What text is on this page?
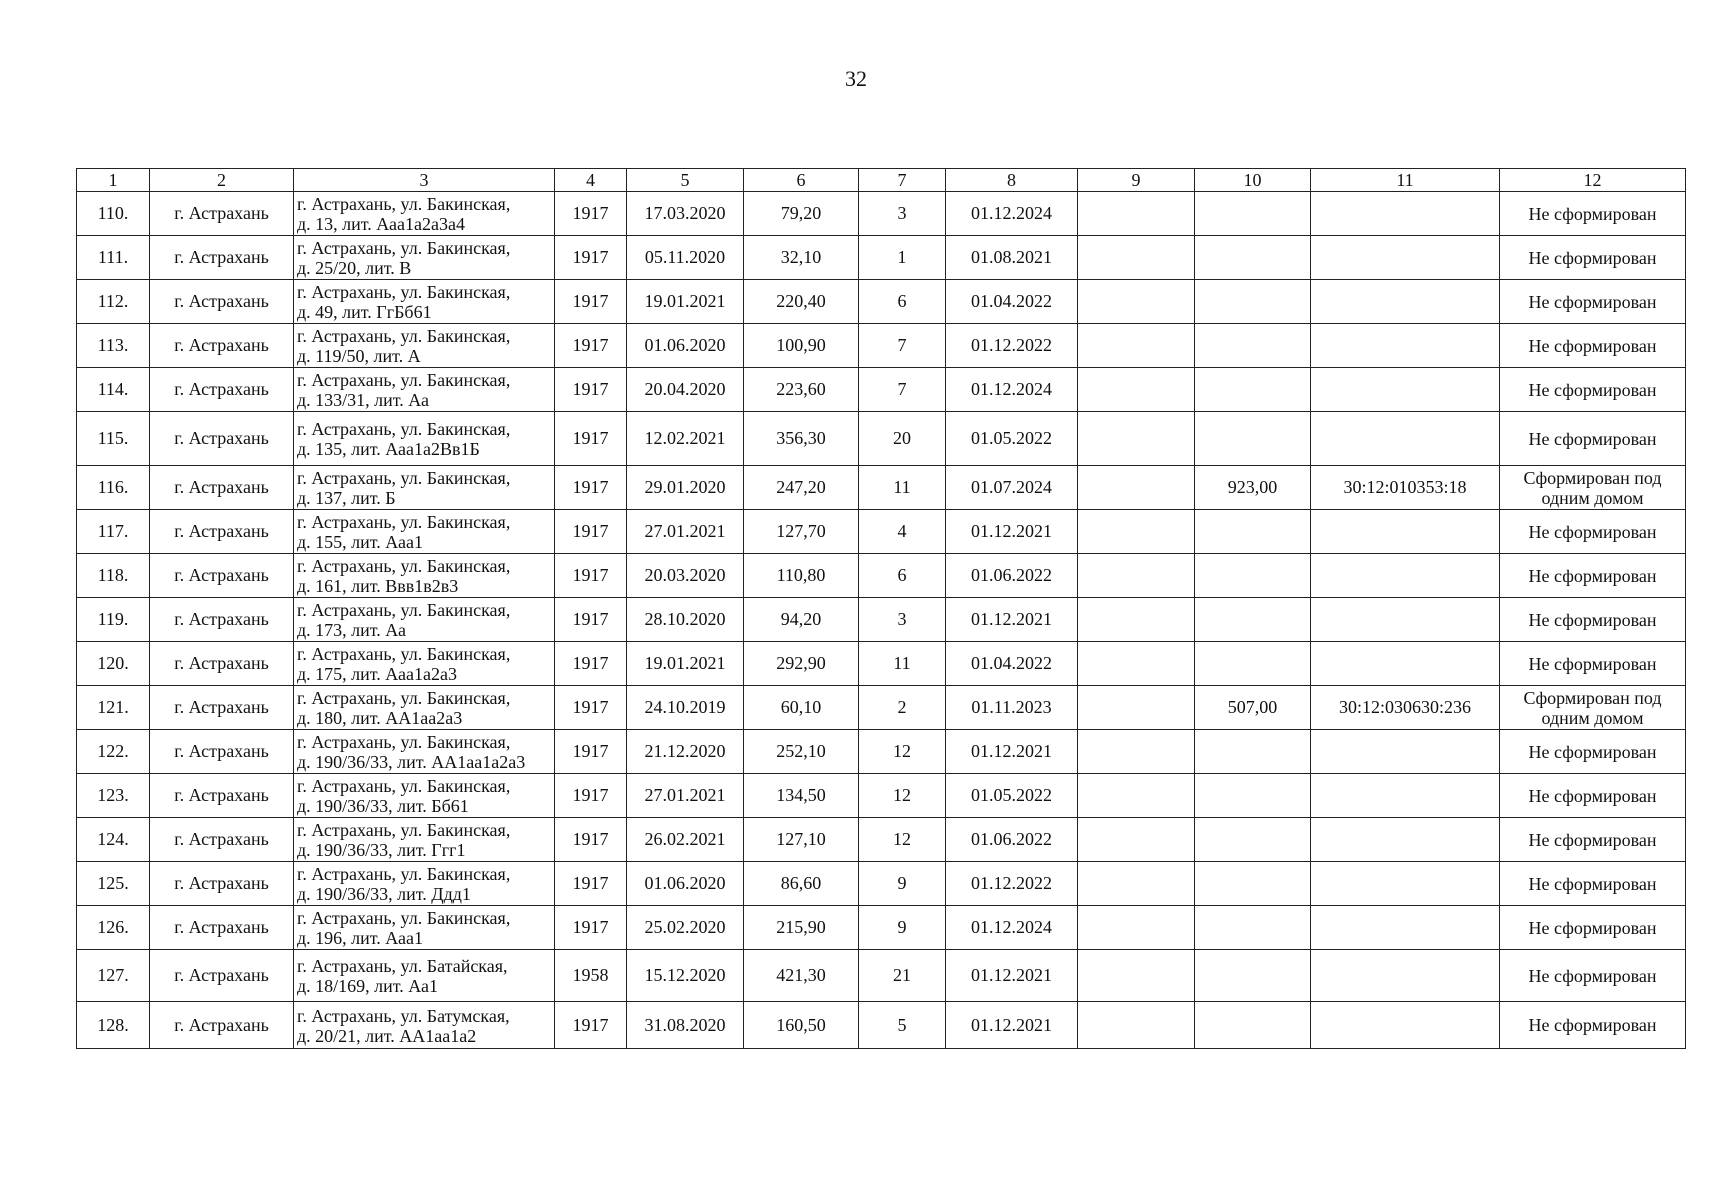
32
1	2	3	4	5	6	7	8	9	10	11	12
110.	г. Астрахань	г. Астрахань, ул. Бакинская,
д. 13, лит. Ааа1а2а3а4	1917	17.03.2020	79,20	3	01.12.2024				Не сформирован
111.	г. Астрахань	г. Астрахань, ул. Бакинская,
д. 25/20, лит. В	1917	05.11.2020	32,10	1	01.08.2021				Не сформирован
112.	г. Астрахань	г. Астрахань, ул. Бакинская,
д. 49, лит. ГгБб61	1917	19.01.2021	220,40	6	01.04.2022				Не сформирован
113.	г. Астрахань	г. Астрахань, ул. Бакинская,
д. 119/50, лит. А	1917	01.06.2020	100,90	7	01.12.2022				Не сформирован
114.	г. Астрахань	г. Астрахань, ул. Бакинская,
д. 133/31, лит. Аа	1917	20.04.2020	223,60	7	01.12.2024				Не сформирован
115.	г. Астрахань	г. Астрахань, ул. Бакинская,
д. 135, лит. Ааа1а2Вв1Б	1917	12.02.2021	356,30	20	01.05.2022				Не сформирован
116.	г. Астрахань	г. Астрахань, ул. Бакинская,
д. 137, лит. Б	1917	29.01.2020	247,20	11	01.07.2024		923,00	30:12:010353:18	Сформирован под одним домом
117.	г. Астрахань	г. Астрахань, ул. Бакинская,
д. 155, лит. Ааа1	1917	27.01.2021	127,70	4	01.12.2021				Не сформирован
118.	г. Астрахань	г. Астрахань, ул. Бакинская,
д. 161, лит. Ввв1в2в3	1917	20.03.2020	110,80	6	01.06.2022				Не сформирован
119.	г. Астрахань	г. Астрахань, ул. Бакинская,
д. 173, лит. Аа	1917	28.10.2020	94,20	3	01.12.2021				Не сформирован
120.	г. Астрахань	г. Астрахань, ул. Бакинская,
д. 175, лит. Ааа1а2а3	1917	19.01.2021	292,90	11	01.04.2022				Не сформирован
121.	г. Астрахань	г. Астрахань, ул. Бакинская,
д. 180, лит. АА1аа2а3	1917	24.10.2019	60,10	2	01.11.2023		507,00	30:12:030630:236	Сформирован под одним домом
122.	г. Астрахань	г. Астрахань, ул. Бакинская,
д. 190/36/33, лит. АА1аа1а2а3	1917	21.12.2020	252,10	12	01.12.2021				Не сформирован
123.	г. Астрахань	г. Астрахань, ул. Бакинская,
д. 190/36/33, лит. Бб61	1917	27.01.2021	134,50	12	01.05.2022				Не сформирован
124.	г. Астрахань	г. Астрахань, ул. Бакинская,
д. 190/36/33, лит. Ггг1	1917	26.02.2021	127,10	12	01.06.2022				Не сформирован
125.	г. Астрахань	г. Астрахань, ул. Бакинская,
д. 190/36/33, лит. Ддд1	1917	01.06.2020	86,60	9	01.12.2022				Не сформирован
126.	г. Астрахань	г. Астрахань, ул. Бакинская,
д. 196, лит. Ааа1	1917	25.02.2020	215,90	9	01.12.2024				Не сформирован
127.	г. Астрахань	г. Астрахань, ул. Батайская,
д. 18/169, лит. Аа1	1958	15.12.2020	421,30	21	01.12.2021				Не сформирован
128.	г. Астрахань	г. Астрахань, ул. Батумская,
д. 20/21, лит. АА1аа1а2	1917	31.08.2020	160,50	5	01.12.2021				Не сформирован
